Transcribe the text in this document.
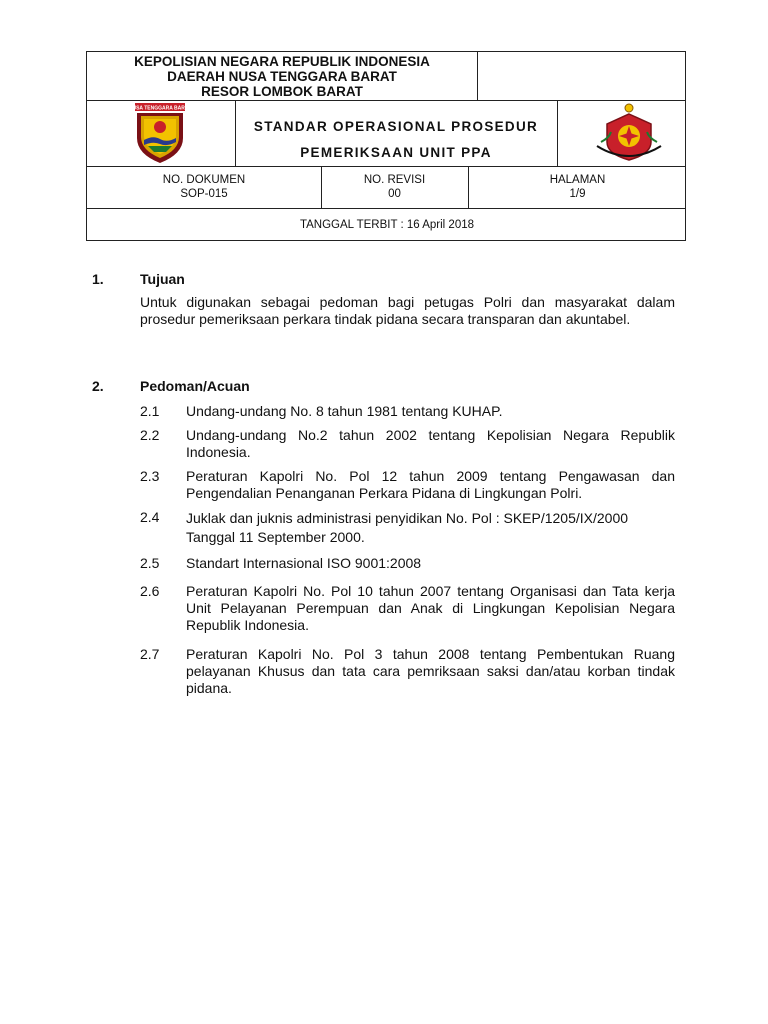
KEPOLISIAN NEGARA REPUBLIK INDONESIA
DAERAH NUSA TENGGARA BARAT
RESOR LOMBOK BARAT
NUSA TENGGARA BARAT
STANDAR OPERASIONAL PROSEDUR
PEMERIKSAAN UNIT PPA
NO. DOKUMEN
SOP-015
NO. REVISI
00
HALAMAN
1/9
TANGGAL TERBIT : 16 April 2018
1.	Tujuan
Untuk digunakan sebagai pedoman bagi petugas Polri dan masyarakat dalam prosedur pemeriksaan perkara tindak pidana secara transparan dan akuntabel.
2.	Pedoman/Acuan
2.1 Undang-undang No. 8 tahun 1981 tentang KUHAP.
2.2 Undang-undang No.2 tahun 2002 tentang Kepolisian Negara Republik Indonesia.
2.3 Peraturan Kapolri No. Pol 12 tahun 2009 tentang Pengawasan dan Pengendalian Penanganan Perkara Pidana di Lingkungan Polri.
2.4 Juklak dan juknis administrasi penyidikan No. Pol : SKEP/1205/IX/2000
Tanggal 11 September 2000.
2.5 Standart Internasional ISO 9001:2008
2.6 Peraturan Kapolri No. Pol 10 tahun 2007 tentang Organisasi dan Tata kerja Unit Pelayanan Perempuan dan Anak di Lingkungan Kepolisian Negara Republik Indonesia.
2.7 Peraturan Kapolri No. Pol 3 tahun 2008 tentang Pembentukan Ruang pelayanan Khusus dan tata cara pemriksaan saksi dan/atau korban tindak pidana.
